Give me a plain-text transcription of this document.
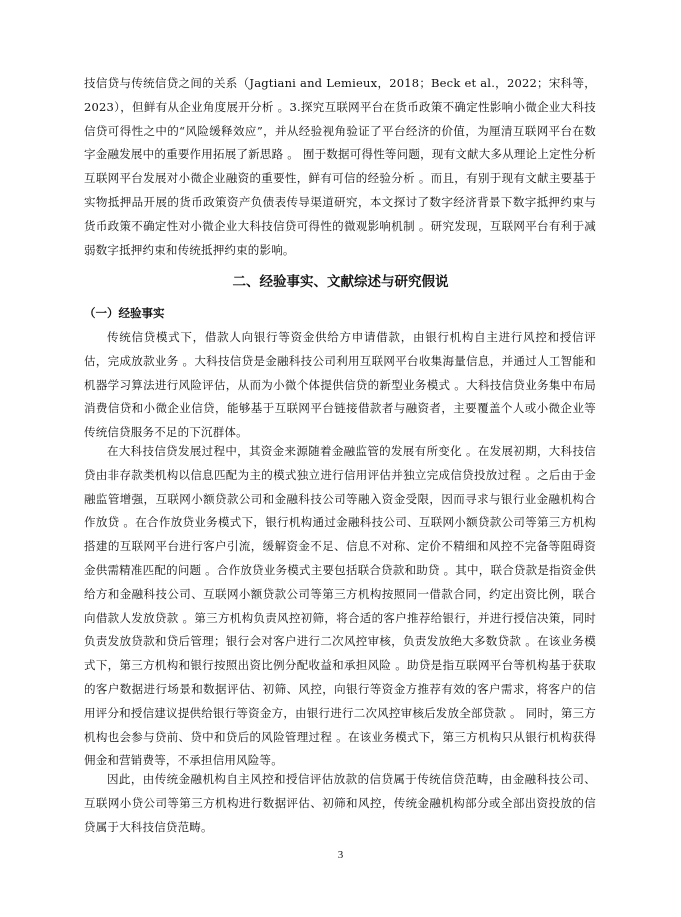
技信贷与传统信贷之间的关系（Jagtiani and Lemieux，2018；Beck et al.，2022；宋科等，2023），但鲜有从企业角度展开分析 。3.探究互联网平台在货币政策不确定性影响小微企业大科技信贷可得性之中的“风险缓释效应”，并从经验视角验证了平台经济的价值，为厘清互联网平台在数字金融发展中的重要作用拓展了新思路 。 囿于数据可得性等问题，现有文献大多从理论上定性分析互联网平台发展对小微企业融资的重要性，鲜有可信的经验分析 。而且，有别于现有文献主要基于实物抵押品开展的货币政策资产负债表传导渠道研究，本文探讨了数字经济背景下数字抵押约束与货币政策不确定性对小微企业大科技信贷可得性的微观影响机制 。研究发现，互联网平台有利于减弱数字抵押约束和传统抵押约束的影响。

二、经验事实、文献综述与研究假说
（一）经验事实

传统信贷模式下，借款人向银行等资金供给方申请借款，由银行机构自主进行风控和授信评估，完成放款业务 。大科技信贷是金融科技公司利用互联网平台收集海量信息，并通过人工智能和机器学习算法进行风险评估，从而为小微个体提供信贷的新型业务模式 。大科技信贷业务集中布局消费信贷和小微企业信贷，能够基于互联网平台链接借款者与融资者，主要覆盖个人或小微企业等传统信贷服务不足的下沉群体。

在大科技信贷发展过程中，其资金来源随着金融监管的发展有所变化 。在发展初期，大科技信贷由非存款类机构以信息匹配为主的模式独立进行信用评估并独立完成信贷投放过程 。之后由于金融监管增强，互联网小额贷款公司和金融科技公司等融入资金受限，因而寻求与银行业金融机构合作放贷 。在合作放贷业务模式下，银行机构通过金融科技公司、互联网小额贷款公司等第三方机构搭建的互联网平台进行客户引流，缓解资金不足、信息不对称、定价不精细和风控不完备等阻碍资金供需精准匹配的问题 。合作放贷业务模式主要包括联合贷款和助贷 。其中，联合贷款是指资金供给方和金融科技公司、互联网小额贷款公司等第三方机构按照同一借款合同，约定出资比例，联合向借款人发放贷款 。第三方机构负责风控初筛，将合适的客户推荐给银行，并进行授信决策，同时负责发放贷款和贷后管理；银行会对客户进行二次风控审核，负责发放绝大多数贷款 。在该业务模式下，第三方机构和银行按照出资比例分配收益和承担风险 。助贷是指互联网平台等机构基于获取的客户数据进行场景和数据评估、初筛、风控，向银行等资金方推荐有效的客户需求，将客户的信用评分和授信建议提供给银行等资金方，由银行进行二次风控审核后发放全部贷款 。 同时，第三方机构也会参与贷前、贷中和贷后的风险管理过程 。在该业务模式下，第三方机构只从银行机构获得佣金和营销费等，不承担信用风险等。

因此，由传统金融机构自主风控和授信评估放款的信贷属于传统信贷范畴，由金融科技公司、互联网小贷公司等第三方机构进行数据评估、初筛和风控，传统金融机构部分或全部出资投放的信贷属于大科技信贷范畴。

3
